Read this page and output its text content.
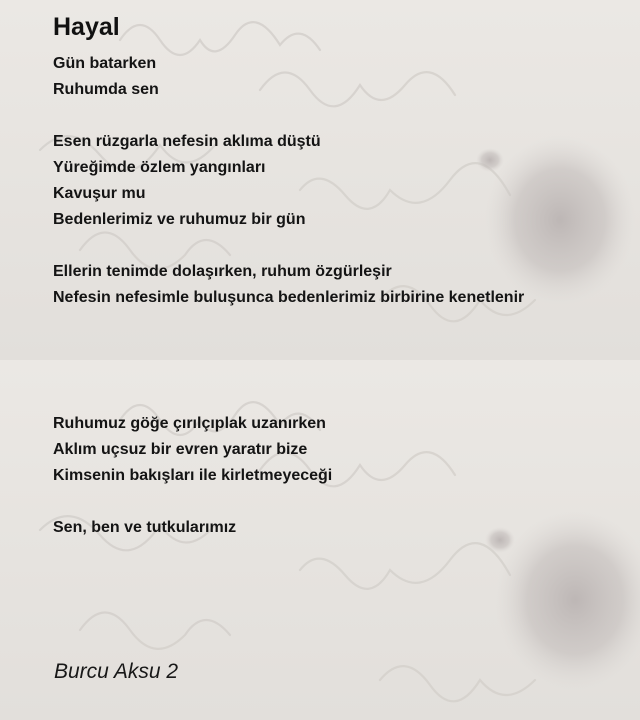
Hayal

Gün batarken

Ruhumda sen

Esen rüzgarla nefesin aklıma düştü

Yüreğimde özlem yangınları

Kavuşur mu

Bedenlerimiz ve ruhumuz bir gün

Ellerin tenimde dolaşırken, ruhum özgürleşir

Nefesin nefesimle buluşunca bedenlerimiz birbirine kenetlenir

Ruhumuz göğe çırılçıplak uzanırken

Aklım uçsuz bir evren yaratır bize

Kimsenin bakışları ile kirletmeyeceği

Sen, ben ve tutkularımız

Burcu Aksu 2
